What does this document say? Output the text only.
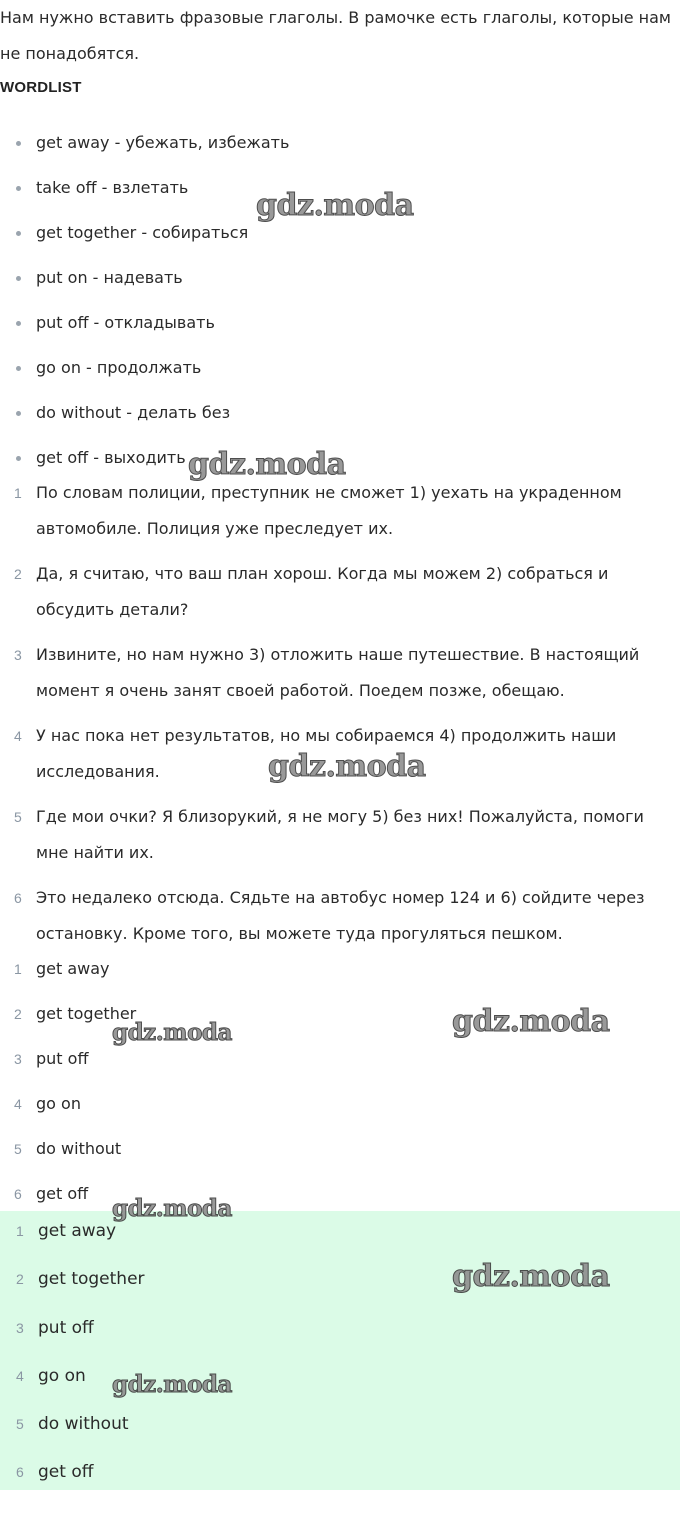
Нам нужно вставить фразовые глаголы. В рамочке есть глаголы, которые нам не понадобятся.

WORDLIST

get away - убежать, избежать
take off - взлетать
get together - собираться
put on - надевать
put off - откладывать
go on - продолжать
do without - делать без
get off - выходить
1 По словам полиции, преступник не сможет 1) уехать на украденном автомобиле. Полиция уже преследует их.
2 Да, я считаю, что ваш план хорош. Когда мы можем 2) собраться и обсудить детали?
3 Извините, но нам нужно 3) отложить наше путешествие. В настоящий момент я очень занят своей работой. Поедем позже, обещаю.
4 У нас пока нет результатов, но мы собираемся 4) продолжить наши исследования.
5 Где мои очки? Я близорукий, я не могу 5) без них! Пожалуйста, помоги мне найти их.
6 Это недалеко отсюда. Сядьте на автобус номер 124 и 6) сойдите через остановку. Кроме того, вы можете туда прогуляться пешком.
1 get away
2 get together
3 put off
4 go on
5 do without
6 get off
1 get away
2 get together
3 put off
4 go on
5 do without
6 get off
gdz.moda
gdz.moda
gdz.moda
gdz.moda
gdz.moda
gdz.moda
gdz.moda
gdz.moda
